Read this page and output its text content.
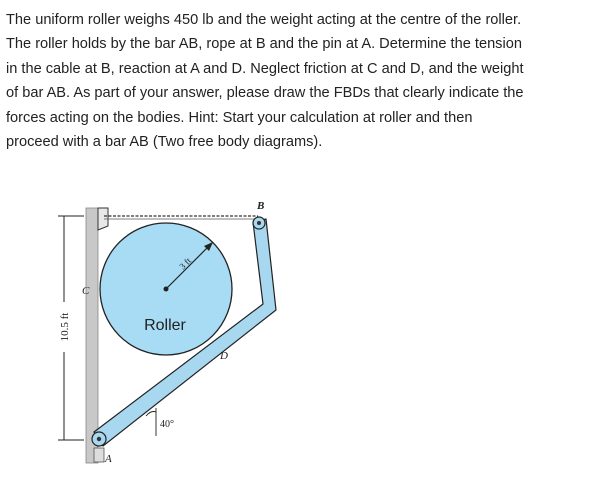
The uniform roller weighs 450 lb and the weight acting at the centre of the roller.
The roller holds by the bar AB, rope at B and the pin at A. Determine the tension
in the cable at B, reaction at A and D. Neglect friction at C and D, and the weight
of bar AB. As part of your answer, please draw the FBDs that clearly indicate the
forces acting on the bodies. Hint: Start your calculation at roller and then
proceed with a bar AB (Two free body diagrams).
B
C
D
A
Roller
3 ft
10.5 ft
40°
